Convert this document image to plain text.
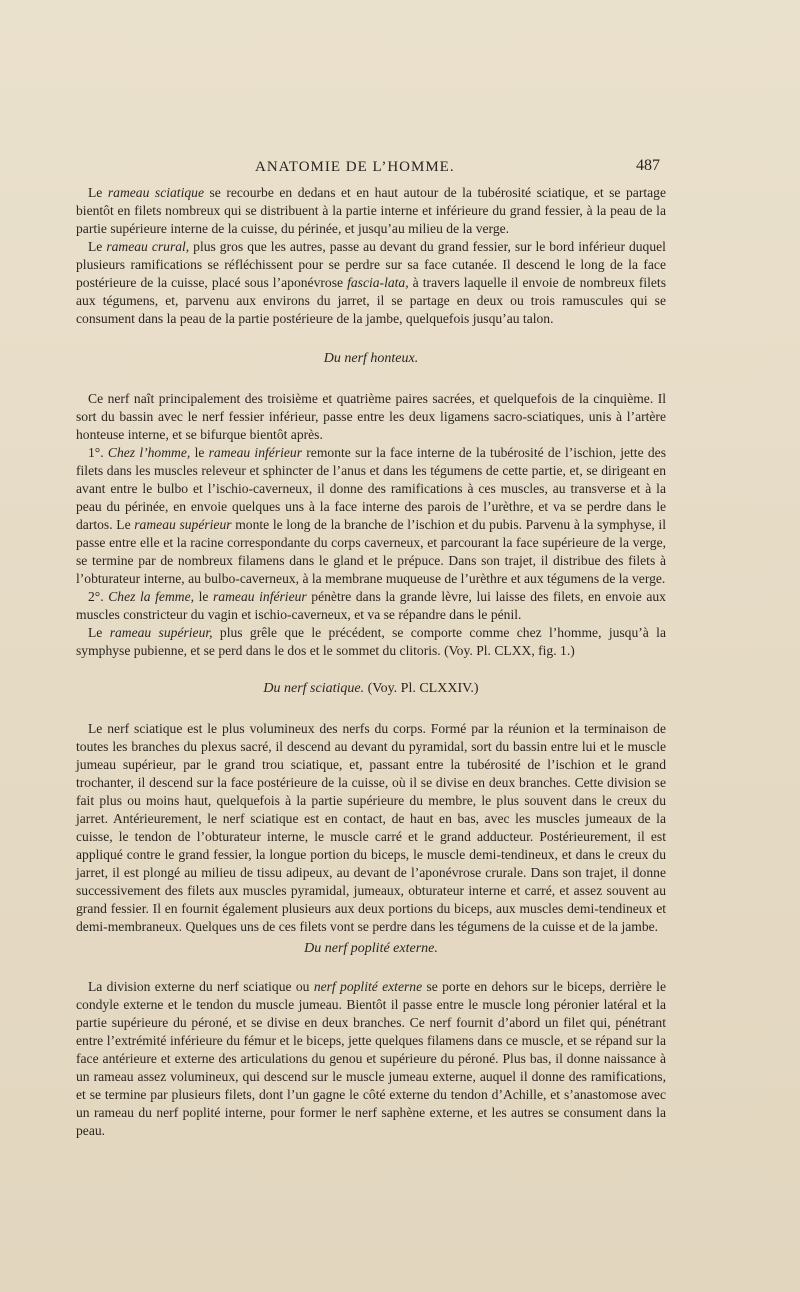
ANATOMIE DE L’HOMME.	487

Le rameau sciatique se recourbe en dedans et en haut autour de la tubérosité sciatique, et se partage bientôt en filets nombreux qui se distribuent à la partie interne et inférieure du grand fessier, à la peau de la partie supérieure interne de la cuisse, du périnée, et jusqu’au milieu de la verge.

Le rameau crural, plus gros que les autres, passe au devant du grand fessier, sur le bord inférieur duquel plusieurs ramifications se réfléchissent pour se perdre sur sa face cutanée. Il descend le long de la face postérieure de la cuisse, placé sous l’aponévrose fascia-lata, à travers laquelle il envoie de nombreux filets aux tégumens, et, parvenu aux environs du jarret, il se partage en deux ou trois ramuscules qui se consument dans la peau de la partie postérieure de la jambe, quelquefois jusqu’au talon.

Du nerf honteux.

Ce nerf naît principalement des troisième et quatrième paires sacrées, et quelquefois de la cinquième. Il sort du bassin avec le nerf fessier inférieur, passe entre les deux ligamens sacro-sciatiques, unis à l’artère honteuse interne, et se bifurque bientôt après.

1°. Chez l’homme, le rameau inférieur remonte sur la face interne de la tubérosité de l’ischion, jette des filets dans les muscles releveur et sphincter de l’anus et dans les tégumens de cette partie, et, se dirigeant en avant entre le bulbo et l’ischio-caverneux, il donne des ramifications à ces muscles, au transverse et à la peau du périnée, en envoie quelques uns à la face interne des parois de l’urèthre, et va se perdre dans le dartos. Le rameau supérieur monte le long de la branche de l’ischion et du pubis. Parvenu à la symphyse, il passe entre elle et la racine correspondante du corps caverneux, et parcourant la face supérieure de la verge, se termine par de nombreux filamens dans le gland et le prépuce. Dans son trajet, il distribue des filets à l’obturateur interne, au bulbo-caverneux, à la membrane muqueuse de l’urèthre et aux tégumens de la verge.

2°. Chez la femme, le rameau inférieur pénètre dans la grande lèvre, lui laisse des filets, en envoie aux muscles constricteur du vagin et ischio-caverneux, et va se répandre dans le pénil.

Le rameau supérieur, plus grêle que le précédent, se comporte comme chez l’homme, jusqu’à la symphyse pubienne, et se perd dans le dos et le sommet du clitoris. (Voy. Pl. CLXX, fig. 1.)

Du nerf sciatique. (Voy. Pl. CLXXIV.)

Le nerf sciatique est le plus volumineux des nerfs du corps. Formé par la réunion et la terminaison de toutes les branches du plexus sacré, il descend au devant du pyramidal, sort du bassin entre lui et le muscle jumeau supérieur, par le grand trou sciatique, et, passant entre la tubérosité de l’ischion et le grand trochanter, il descend sur la face postérieure de la cuisse, où il se divise en deux branches. Cette division se fait plus ou moins haut, quelquefois à la partie supérieure du membre, le plus souvent dans le creux du jarret. Antérieurement, le nerf sciatique est en contact, de haut en bas, avec les muscles jumeaux de la cuisse, le tendon de l’obturateur interne, le muscle carré et le grand adducteur. Postérieurement, il est appliqué contre le grand fessier, la longue portion du biceps, le muscle demi-tendineux, et dans le creux du jarret, il est plongé au milieu de tissu adipeux, au devant de l’aponévrose crurale. Dans son trajet, il donne successivement des filets aux muscles pyramidal, jumeaux, obturateur interne et carré, et assez souvent au grand fessier. Il en fournit également plusieurs aux deux portions du biceps, aux muscles demi-tendineux et demi-membraneux. Quelques uns de ces filets vont se perdre dans les tégumens de la cuisse et de la jambe.

Du nerf poplité externe.

La division externe du nerf sciatique ou nerf poplité externe se porte en dehors sur le biceps, derrière le condyle externe et le tendon du muscle jumeau. Bientôt il passe entre le muscle long péronier latéral et la partie supérieure du péroné, et se divise en deux branches. Ce nerf fournit d’abord un filet qui, pénétrant entre l’extrémité inférieure du fémur et le biceps, jette quelques filamens dans ce muscle, et se répand sur la face antérieure et externe des articulations du genou et supérieure du péroné. Plus bas, il donne naissance à un rameau assez volumineux, qui descend sur le muscle jumeau externe, auquel il donne des ramifications, et se termine par plusieurs filets, dont l’un gagne le côté externe du tendon d’Achille, et s’anastomose avec un rameau du nerf poplité interne, pour former le nerf saphène externe, et les autres se consument dans la peau.
